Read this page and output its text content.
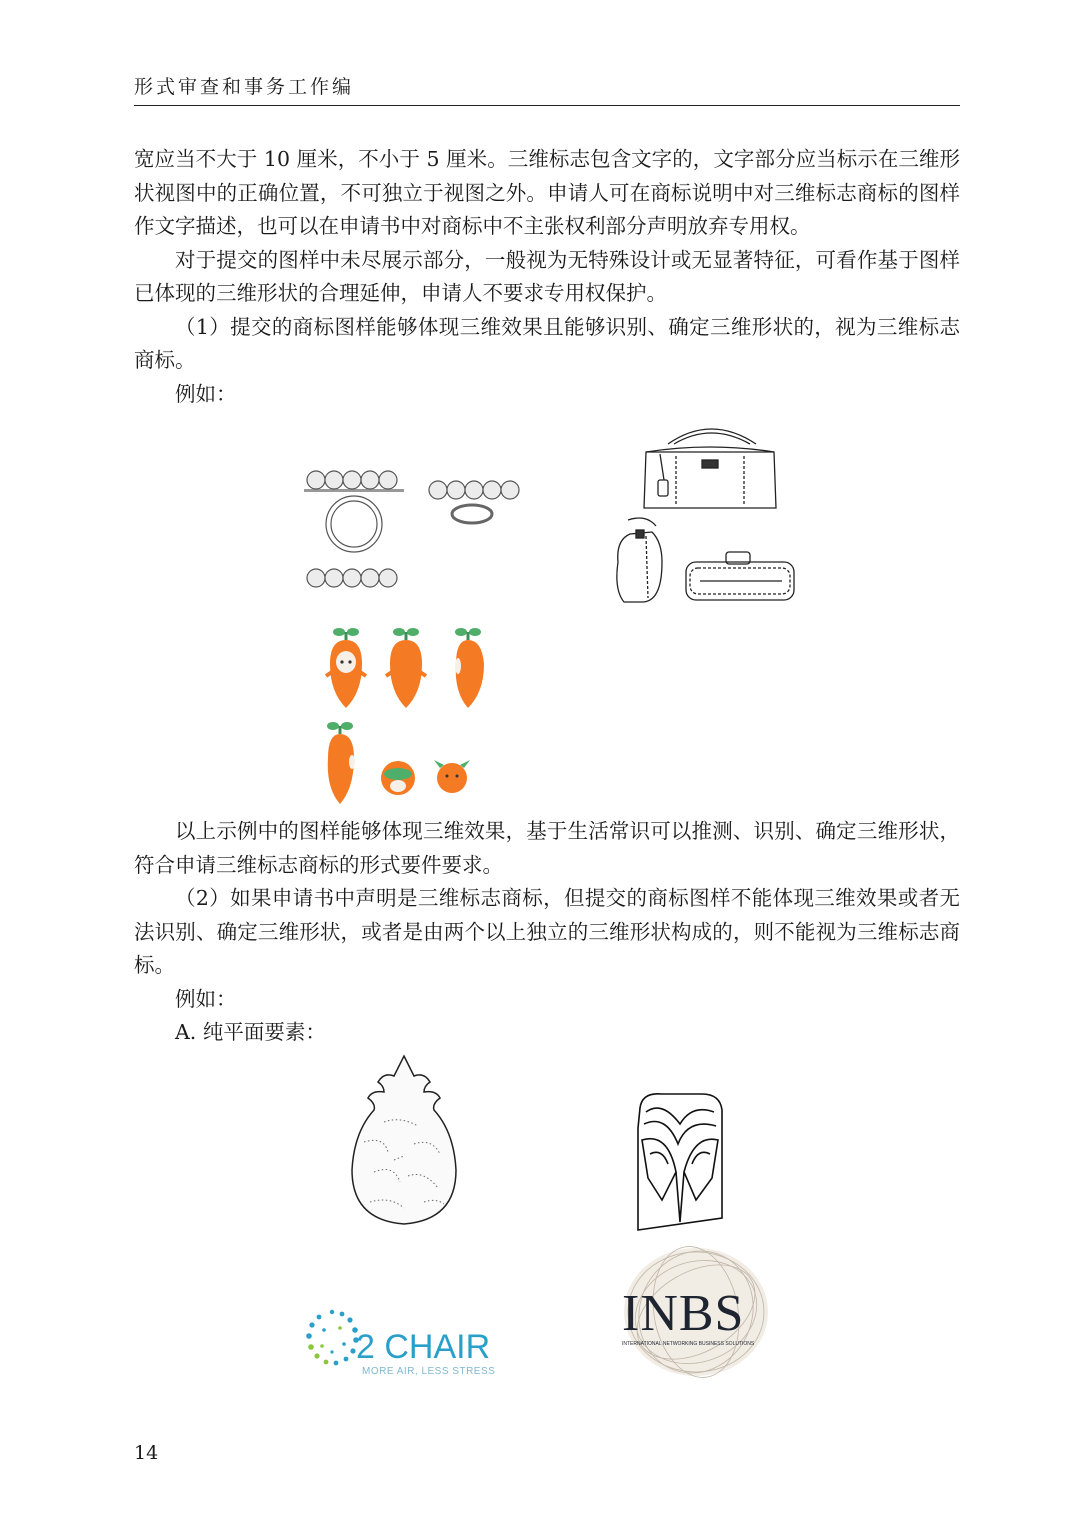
形式审查和事务工作编

宽应当不大于 10 厘米，不小于 5 厘米。三维标志包含文字的，文字部分应当标示在三维形状视图中的正确位置，不可独立于视图之外。申请人可在商标说明中对三维标志商标的图样作文字描述，也可以在申请书中对商标中不主张权利部分声明放弃专用权。

对于提交的图样中未尽展示部分，一般视为无特殊设计或无显著特征，可看作基于图样已体现的三维形状的合理延伸，申请人不要求专用权保护。

（1）提交的商标图样能够体现三维效果且能够识别、确定三维形状的，视为三维标志商标。

例如：

以上示例中的图样能够体现三维效果，基于生活常识可以推测、识别、确定三维形状，符合申请三维标志商标的形式要件要求。

（2）如果申请书中声明是三维标志商标，但提交的商标图样不能体现三维效果或者无法识别、确定三维形状，或者是由两个以上独立的三维形状构成的，则不能视为三维标志商标。

例如：

A. 纯平面要素：

2 CHAIR
MORE AIR, LESS STRESS
INBS
INTERNATIONAL NETWORKING BUSINESS SOLUTIONS
14
